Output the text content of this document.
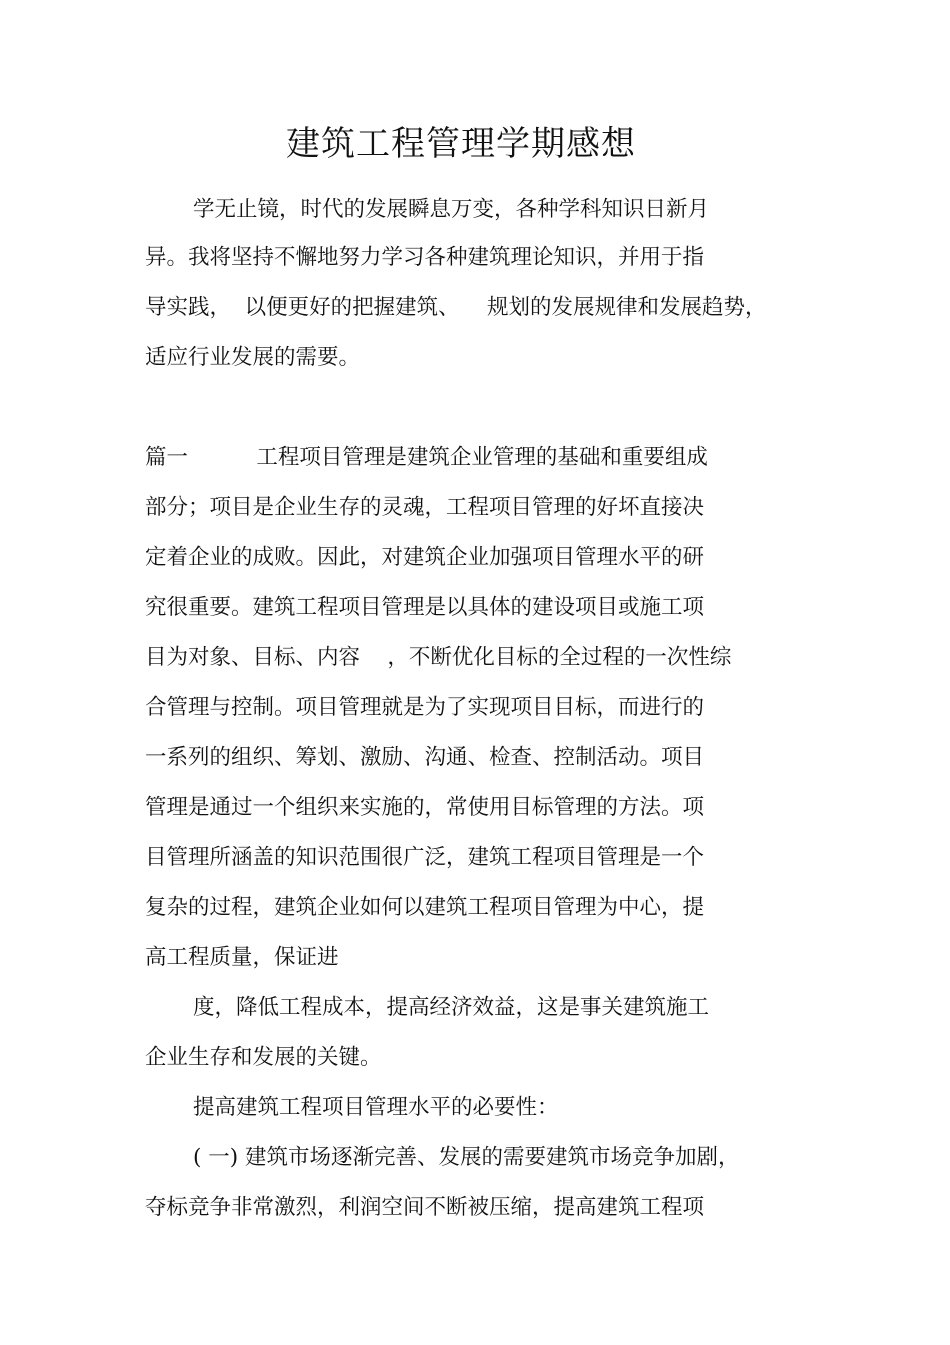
建筑工程管理学期感想
学无止镜，时代的发展瞬息万变，各种学科知识日新月
异。我将坚持不懈地努力学习各种建筑理论知识，并用于指
导实践，  以便更好的把握建筑、    规划的发展规律和发展趋势，
适应行业发展的需要。
篇一          工程项目管理是建筑企业管理的基础和重要组成
部分；项目是企业生存的灵魂，工程项目管理的好坏直接决
定着企业的成败。因此，对建筑企业加强项目管理水平的研
究很重要。建筑工程项目管理是以具体的建设项目或施工项
目为对象、目标、内容    ，不断优化目标的全过程的一次性综
合管理与控制。项目管理就是为了实现项目目标，而进行的
一系列的组织、筹划、激励、沟通、检查、控制活动。项目
管理是通过一个组织来实施的，常使用目标管理的方法。项
目管理所涵盖的知识范围很广泛，建筑工程项目管理是一个
复杂的过程，建筑企业如何以建筑工程项目管理为中心，提
高工程质量，保证进
度，降低工程成本，提高经济效益，这是事关建筑施工
企业生存和发展的关键。
提高建筑工程项目管理水平的必要性：
( 一) 建筑市场逐渐完善、发展的需要建筑市场竞争加剧，
夺标竞争非常激烈，利润空间不断被压缩，提高建筑工程项
